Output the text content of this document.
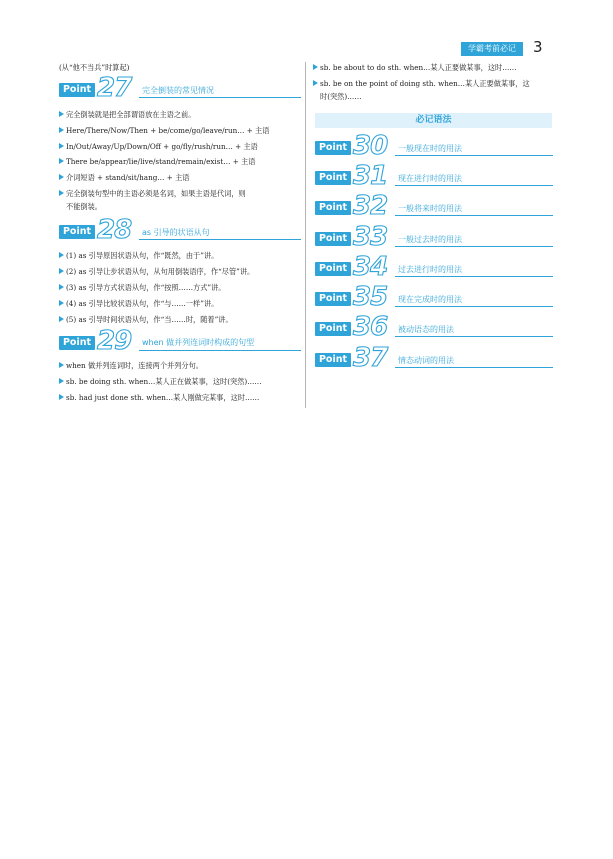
学霸考前必记	3
(从“他不当兵”时算起)
Point 27 完全倒装的常见情况
完全倒装就是把全部谓语放在主语之前。
Here/There/Now/Then + be/come/go/leave/run… + 主语
In/Out/Away/Up/Down/Off + go/fly/rush/run… + 主语
There be/appear/lie/live/stand/remain/exist… + 主语
介词短语 + stand/sit/hang… + 主语
完全倒装句型中的主语必须是名词，如果主语是代词，则
不能倒装。
Point 28 as 引导的状语从句
(1) as 引导原因状语从句，作“既然，由于”讲。
(2) as 引导让步状语从句，从句用倒装语序，作“尽管”讲。
(3) as 引导方式状语从句，作“按照……方式”讲。
(4) as 引导比较状语从句，作“与……一样”讲。
(5) as 引导时间状语从句，作“当……时，随着”讲。
Point 29 when 做并列连词时构成的句型
when 做并列连词时，连接两个并列分句。
sb. be doing sth. when…某人正在做某事，这时(突然)……
sb. had just done sth. when…某人刚做完某事，这时……
sb. be about to do sth. when…某人正要做某事，这时……
sb. be on the point of doing sth. when…某人正要做某事，这
时(突然)……
必记语法
Point 30 一般现在时的用法
Point 31 现在进行时的用法
Point 32 一般将来时的用法
Point 33 一般过去时的用法
Point 34 过去进行时的用法
Point 35 现在完成时的用法
Point 36 被动语态的用法
Point 37 情态动词的用法
